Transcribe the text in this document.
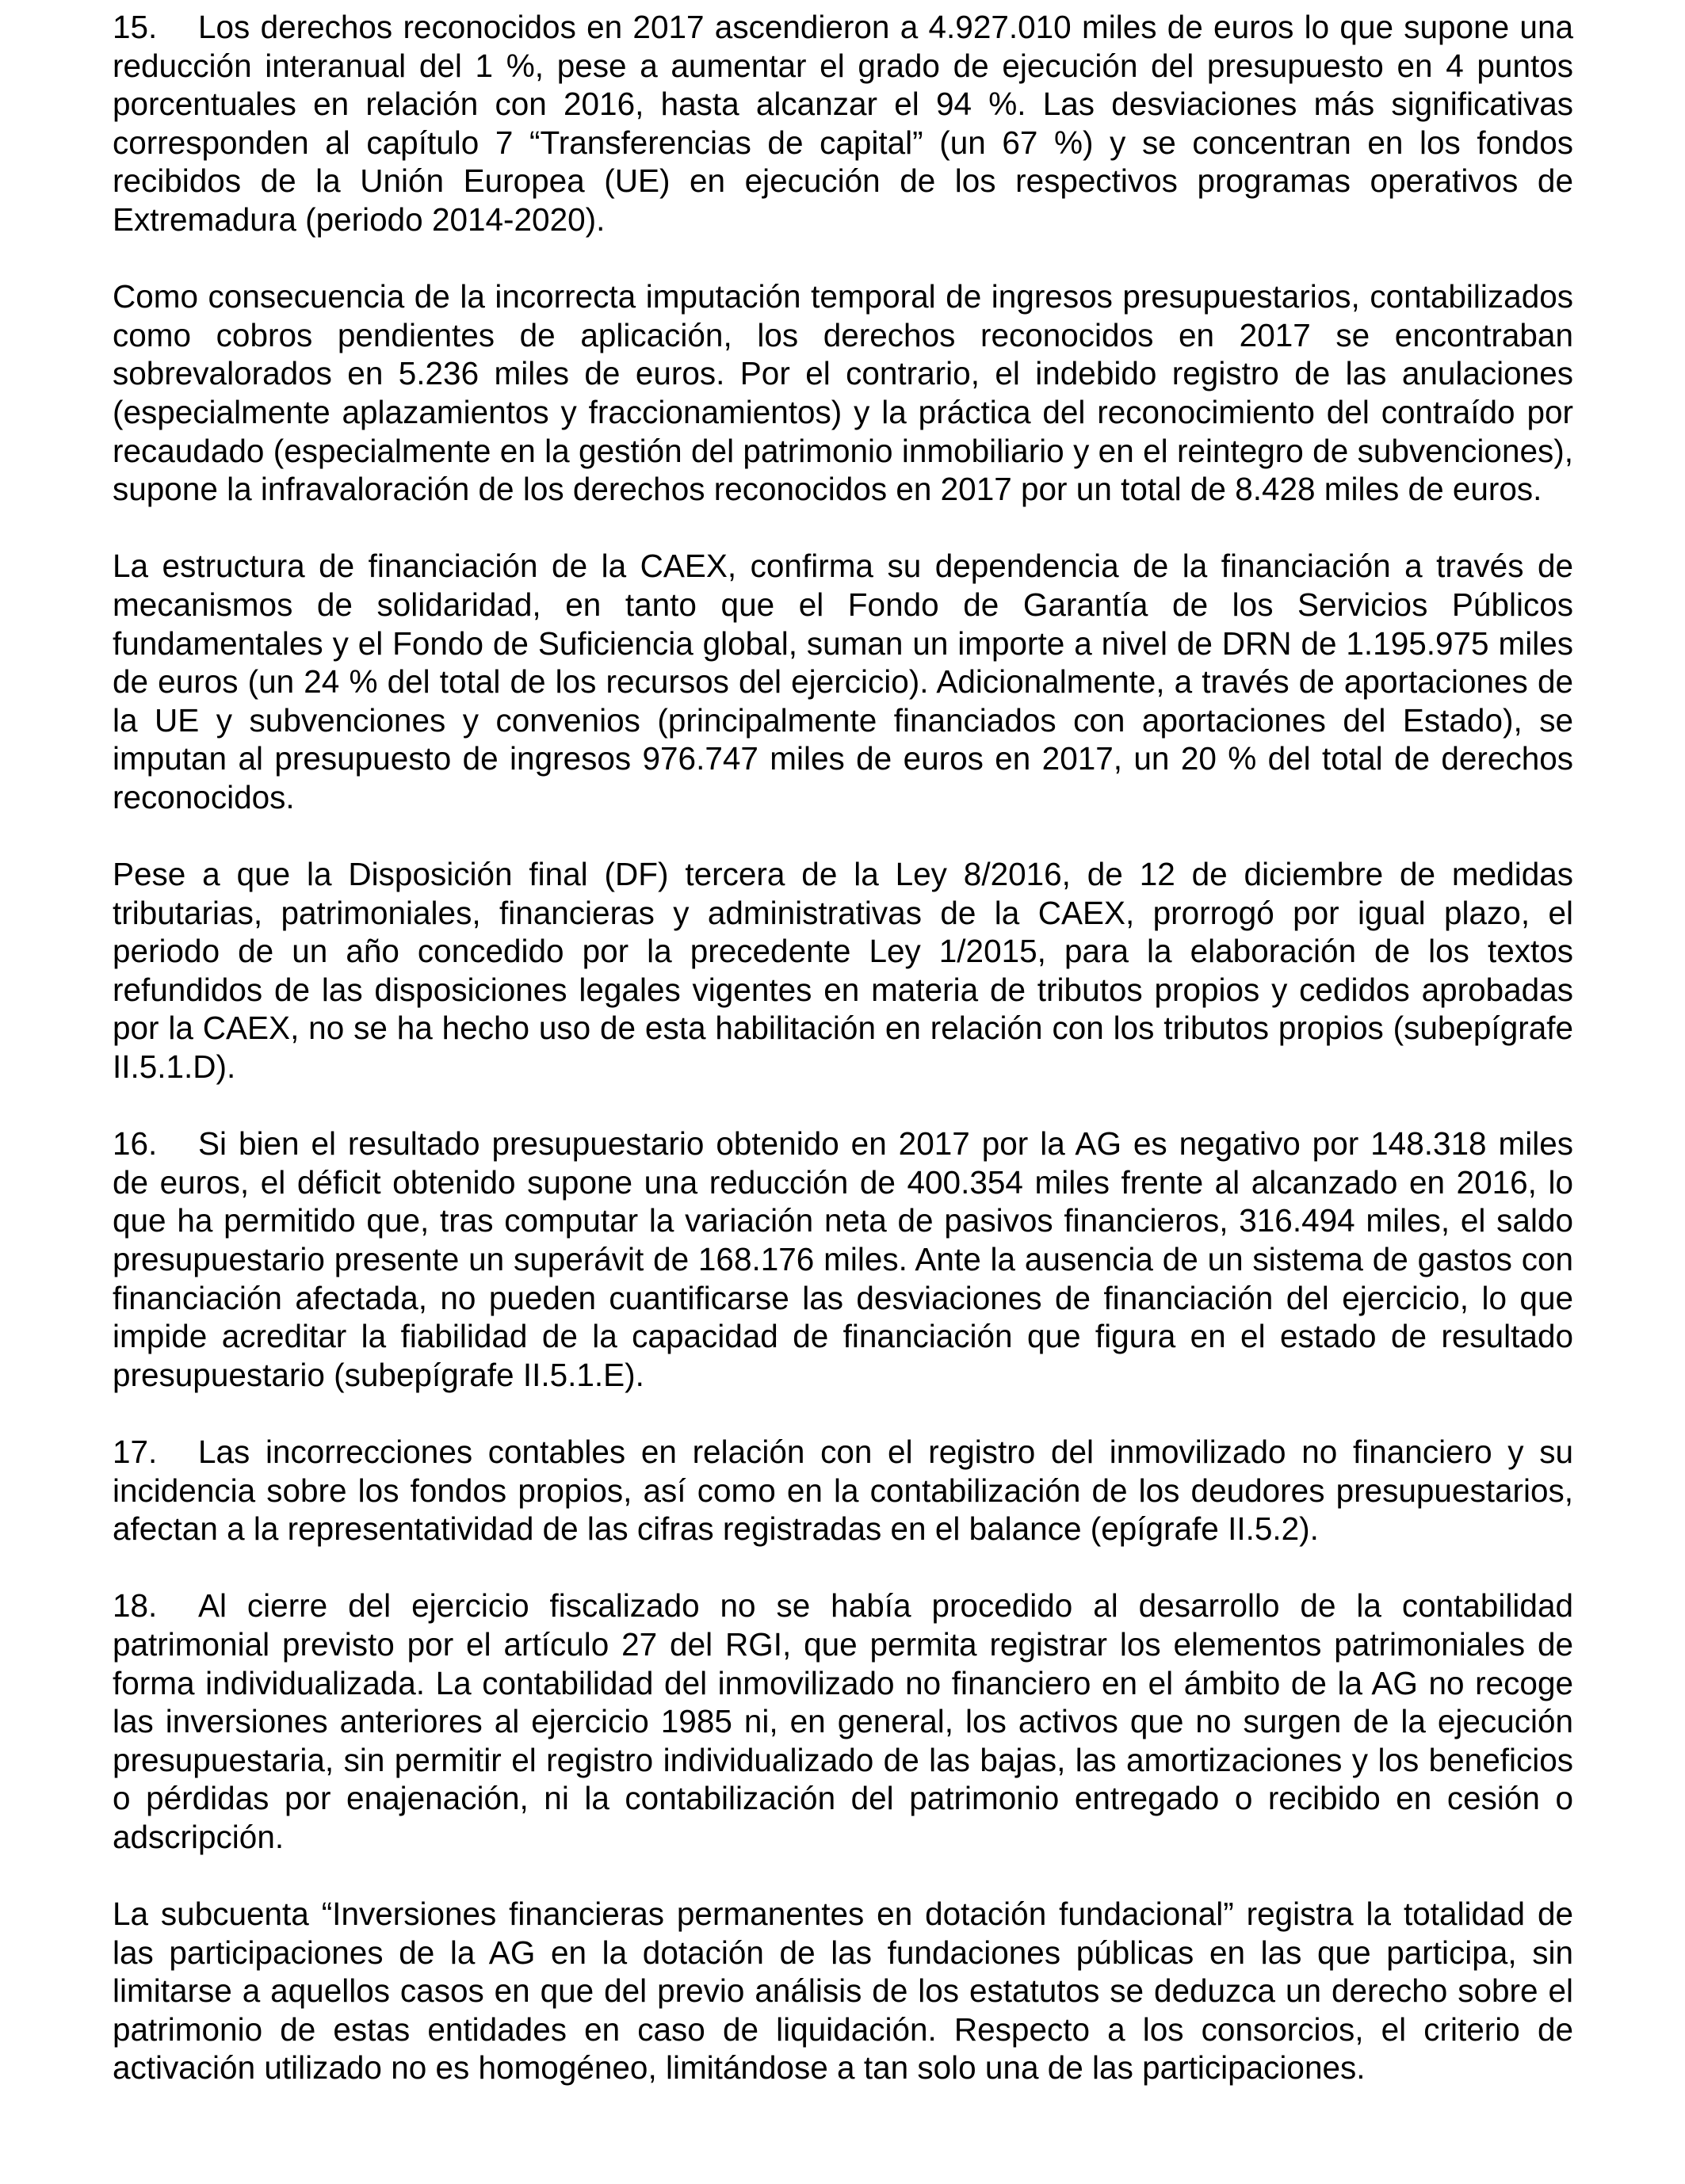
15. Los derechos reconocidos en 2017 ascendieron a 4.927.010 miles de euros lo que supone una reducción interanual del 1 %, pese a aumentar el grado de ejecución del presupuesto en 4 puntos porcentuales en relación con 2016, hasta alcanzar el 94 %. Las desviaciones más significativas corresponden al capítulo 7 “Transferencias de capital” (un 67 %) y se concentran en los fondos recibidos de la Unión Europea (UE) en ejecución de los respectivos programas operativos de Extremadura (periodo 2014-2020).

Como consecuencia de la incorrecta imputación temporal de ingresos presupuestarios, contabilizados como cobros pendientes de aplicación, los derechos reconocidos en 2017 se encontraban sobrevalorados en 5.236 miles de euros. Por el contrario, el indebido registro de las anulaciones (especialmente aplazamientos y fraccionamientos) y la práctica del reconocimiento del contraído por recaudado (especialmente en la gestión del patrimonio inmobiliario y en el reintegro de subvenciones), supone la infravaloración de los derechos reconocidos en 2017 por un total de 8.428 miles de euros.

La estructura de financiación de la CAEX, confirma su dependencia de la financiación a través de mecanismos de solidaridad, en tanto que el Fondo de Garantía de los Servicios Públicos fundamentales y el Fondo de Suficiencia global, suman un importe a nivel de DRN de 1.195.975 miles de euros (un 24 % del total de los recursos del ejercicio). Adicionalmente, a través de aportaciones de la UE y subvenciones y convenios (principalmente financiados con aportaciones del Estado), se imputan al presupuesto de ingresos 976.747 miles de euros en 2017, un 20 % del total de derechos reconocidos.

Pese a que la Disposición final (DF) tercera de la Ley 8/2016, de 12 de diciembre de medidas tributarias, patrimoniales, financieras y administrativas de la CAEX, prorrogó por igual plazo, el periodo de un año concedido por la precedente Ley 1/2015, para la elaboración de los textos refundidos de las disposiciones legales vigentes en materia de tributos propios y cedidos aprobadas por la CAEX, no se ha hecho uso de esta habilitación en relación con los tributos propios (subepígrafe II.5.1.D).

16. Si bien el resultado presupuestario obtenido en 2017 por la AG es negativo por 148.318 miles de euros, el déficit obtenido supone una reducción de 400.354 miles frente al alcanzado en 2016, lo que ha permitido que, tras computar la variación neta de pasivos financieros, 316.494 miles, el saldo presupuestario presente un superávit de 168.176 miles. Ante la ausencia de un sistema de gastos con financiación afectada, no pueden cuantificarse las desviaciones de financiación del ejercicio, lo que impide acreditar la fiabilidad de la capacidad de financiación que figura en el estado de resultado presupuestario (subepígrafe II.5.1.E).

17. Las incorrecciones contables en relación con el registro del inmovilizado no financiero y su incidencia sobre los fondos propios, así como en la contabilización de los deudores presupuestarios, afectan a la representatividad de las cifras registradas en el balance (epígrafe II.5.2).

18. Al cierre del ejercicio fiscalizado no se había procedido al desarrollo de la contabilidad patrimonial previsto por el artículo 27 del RGI, que permita registrar los elementos patrimoniales de forma individualizada. La contabilidad del inmovilizado no financiero en el ámbito de la AG no recoge las inversiones anteriores al ejercicio 1985 ni, en general, los activos que no surgen de la ejecución presupuestaria, sin permitir el registro individualizado de las bajas, las amortizaciones y los beneficios o pérdidas por enajenación, ni la contabilización del patrimonio entregado o recibido en cesión o adscripción.

La subcuenta “Inversiones financieras permanentes en dotación fundacional” registra la totalidad de las participaciones de la AG en la dotación de las fundaciones públicas en las que participa, sin limitarse a aquellos casos en que del previo análisis de los estatutos se deduzca un derecho sobre el patrimonio de estas entidades en caso de liquidación. Respecto a los consorcios, el criterio de activación utilizado no es homogéneo, limitándose a tan solo una de las participaciones.
